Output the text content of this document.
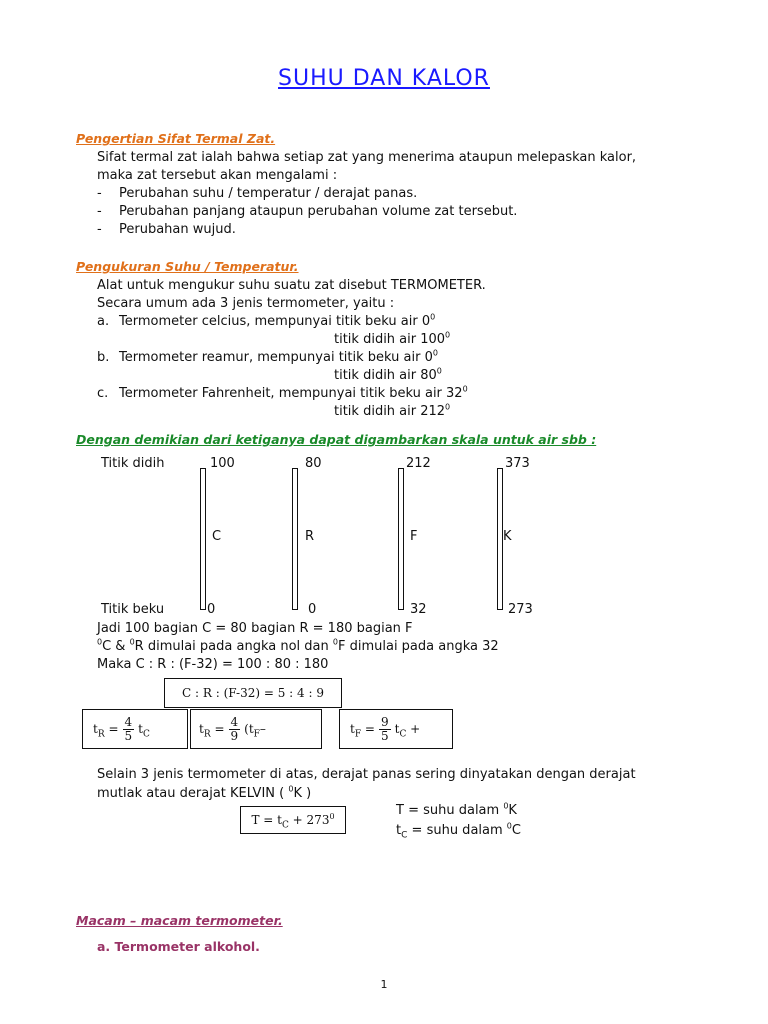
SUHU DAN KALOR
Pengertian Sifat Termal Zat.
Sifat termal zat ialah bahwa setiap zat yang menerima ataupun melepaskan kalor,
maka zat tersebut akan mengalami :
- Perubahan suhu / temperatur / derajat panas.
- Perubahan panjang ataupun perubahan volume zat tersebut.
- Perubahan wujud.
Pengukuran Suhu / Temperatur.
Alat untuk mengukur suhu suatu zat disebut TERMOMETER.
Secara umum ada 3 jenis termometer, yaitu :
a. Termometer celcius, mempunyai titik beku air $0^0$
titik didih air $100^0$
b. Termometer reamur, mempunyai titik beku air $0^0$
titik didih air $80^0$
c. Termometer Fahrenheit, mempunyai titik beku air $32^0$
titik didih air $212^0$
Dengan demikian dari ketiganya dapat digambarkan skala untuk air sbb :
Titik didih
Titik beku
100
C
0
80
R
0
212
F
32
373
K
273
Jadi 100 bagian C = 80 bagian R = 180 bagian F
$^0$C & $^0$R dimulai pada angka nol dan $^0$F dimulai pada angka 32
Maka C : R : (F-32) = 100 : 80 : 180
C : R : (F-32) = 5 : 4 : 9
$t_R = \frac{4}{5} t_C$	$t_R = \frac{4}{9} (t_F-$	$t_F = \frac{9}{5} t_C$ +
Selain 3 jenis termometer di atas, derajat panas sering dinyatakan dengan derajat
mutlak atau derajat KELVIN ( $^0$K )
$T = t_C + 273^0$	T = suhu dalam $^0$K
$t_C$ = suhu dalam $^0$C
Macam – macam termometer.
a. Termometer alkohol.
1
